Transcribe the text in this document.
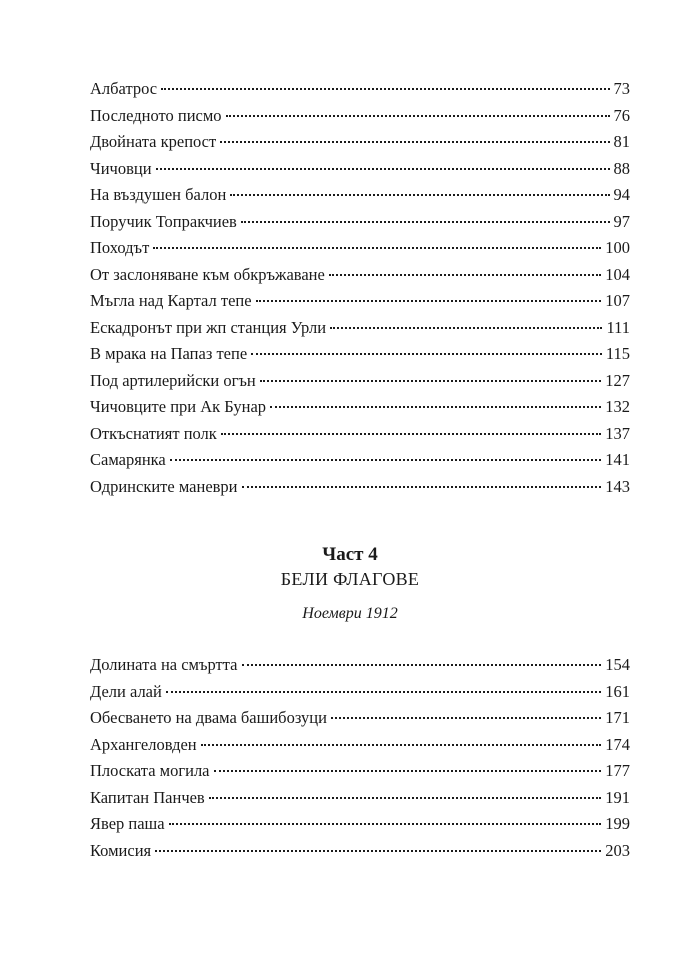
Албатрос	73
Последното писмо	76
Двойната крепост	81
Чичовци	88
На въздушен балон	94
Поручик Топракчиев	97
Походът	100
От заслоняване към обкръжаване	104
Мъгла над Картал тепе	107
Ескадронът при жп станция Урли	111
В мрака на Папаз тепе	115
Под артилерийски огън	127
Чичовците при Ак Бунар	132
Откъснатият полк	137
Самарянка	141
Одринските маневри	143
Част 4
БЕЛИ ФЛАГОВЕ
Ноември 1912
Долината на смъртта	154
Дели алай	161
Обесването на двама башибозуци	171
Архангеловден	174
Плоската могила	177
Капитан Панчев	191
Явер паша	199
Комисия	203
